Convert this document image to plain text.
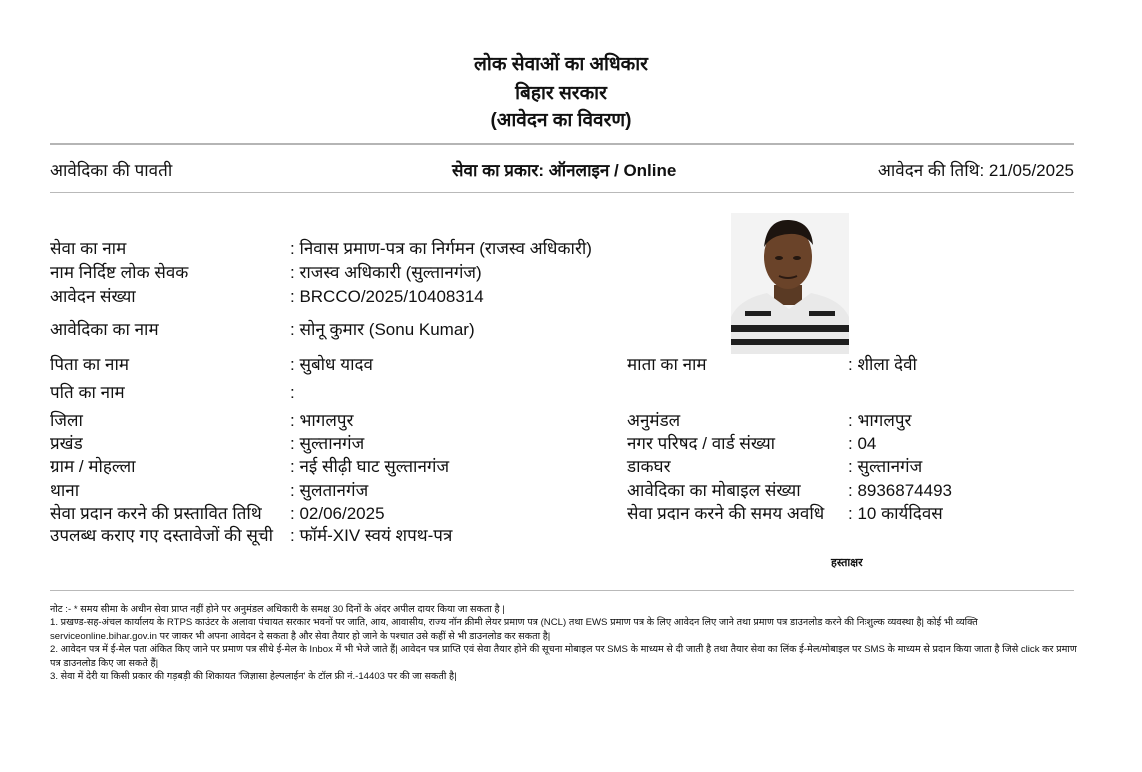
लोक सेवाओं का अधिकार
बिहार सरकार
(आवेदन का विवरण)
आवेदिका की पावती	सेवा का प्रकार: ऑनलाइन / Online	आवेदन की तिथि: 21/05/2025
सेवा का नाम	: निवास प्रमाण-पत्र का निर्गमन (राजस्व अधिकारी)
नाम निर्दिष्ट लोक सेवक	: राजस्व अधिकारी (सुल्तानगंज)
आवेदन संख्या	: BRCCO/2025/10408314
आवेदिका का नाम	: सोनू कुमार (Sonu Kumar)
पिता का नाम	: सुबोध यादव	माता का नाम	: शीला देवी
पति का नाम	:
जिला	: भागलपुर	अनुमंडल	: भागलपुर
प्रखंड	: सुल्तानगंज	नगर परिषद / वार्ड संख्या	: 04
ग्राम / मोहल्ला	: नई सीढ़ी घाट सुल्तानगंज	डाकघर	: सुल्तानगंज
थाना	: सुलतानगंज	आवेदिका का मोबाइल संख्या	: 8936874493
सेवा प्रदान करने की प्रस्तावित तिथि : 02/06/2025	सेवा प्रदान करने की समय अवधि : 10 कार्यदिवस
उपलब्ध कराए गए दस्तावेजों की सूची : फॉर्म-XIV स्वयं शपथ-पत्र
हस्ताक्षर
नोट :- * समय सीमा के अधीन सेवा प्राप्त नहीं होने पर अनुमंडल अधिकारी के समक्ष 30 दिनों के अंदर अपील दायर किया जा सकता है |
1. प्रखण्ड-सह-अंचल कार्यालय के RTPS काउंटर के अलावा पंचायत सरकार भवनों पर जाति, आय, आवासीय, राज्य नॉन क्रीमी लेयर प्रमाण पत्र (NCL) तथा EWS प्रमाण पत्र के लिए आवेदन लिए जाने तथा प्रमाण पत्र डाउनलोड करने की निःशुल्क व्यवस्था है| कोई भी व्यक्ति serviceonline.bihar.gov.in पर जाकर भी अपना आवेदन दे सकता है और सेवा तैयार हो जाने के पश्चात उसे कहीं से भी डाउनलोड कर सकता है|
2. आवेदन पत्र में ई-मेल पता अंकित किए जाने पर प्रमाण पत्र सीधे ई-मेल के Inbox में भी भेजे जाते हैं| आवेदन पत्र प्राप्ति एवं सेवा तैयार होने की सूचना मोबाइल पर SMS के माध्यम से दी जाती है तथा तैयार सेवा का लिंक ई-मेल/मोबाइल पर SMS के माध्यम से प्रदान किया जाता है जिसे click कर प्रमाण पत्र डाउनलोड किए जा सकते हैं|
3. सेवा में देरी या किसी प्रकार की गड़बड़ी की शिकायत 'जिज्ञासा हेल्पलाईन' के टॉल फ्री नं.-14403 पर की जा सकती है|
